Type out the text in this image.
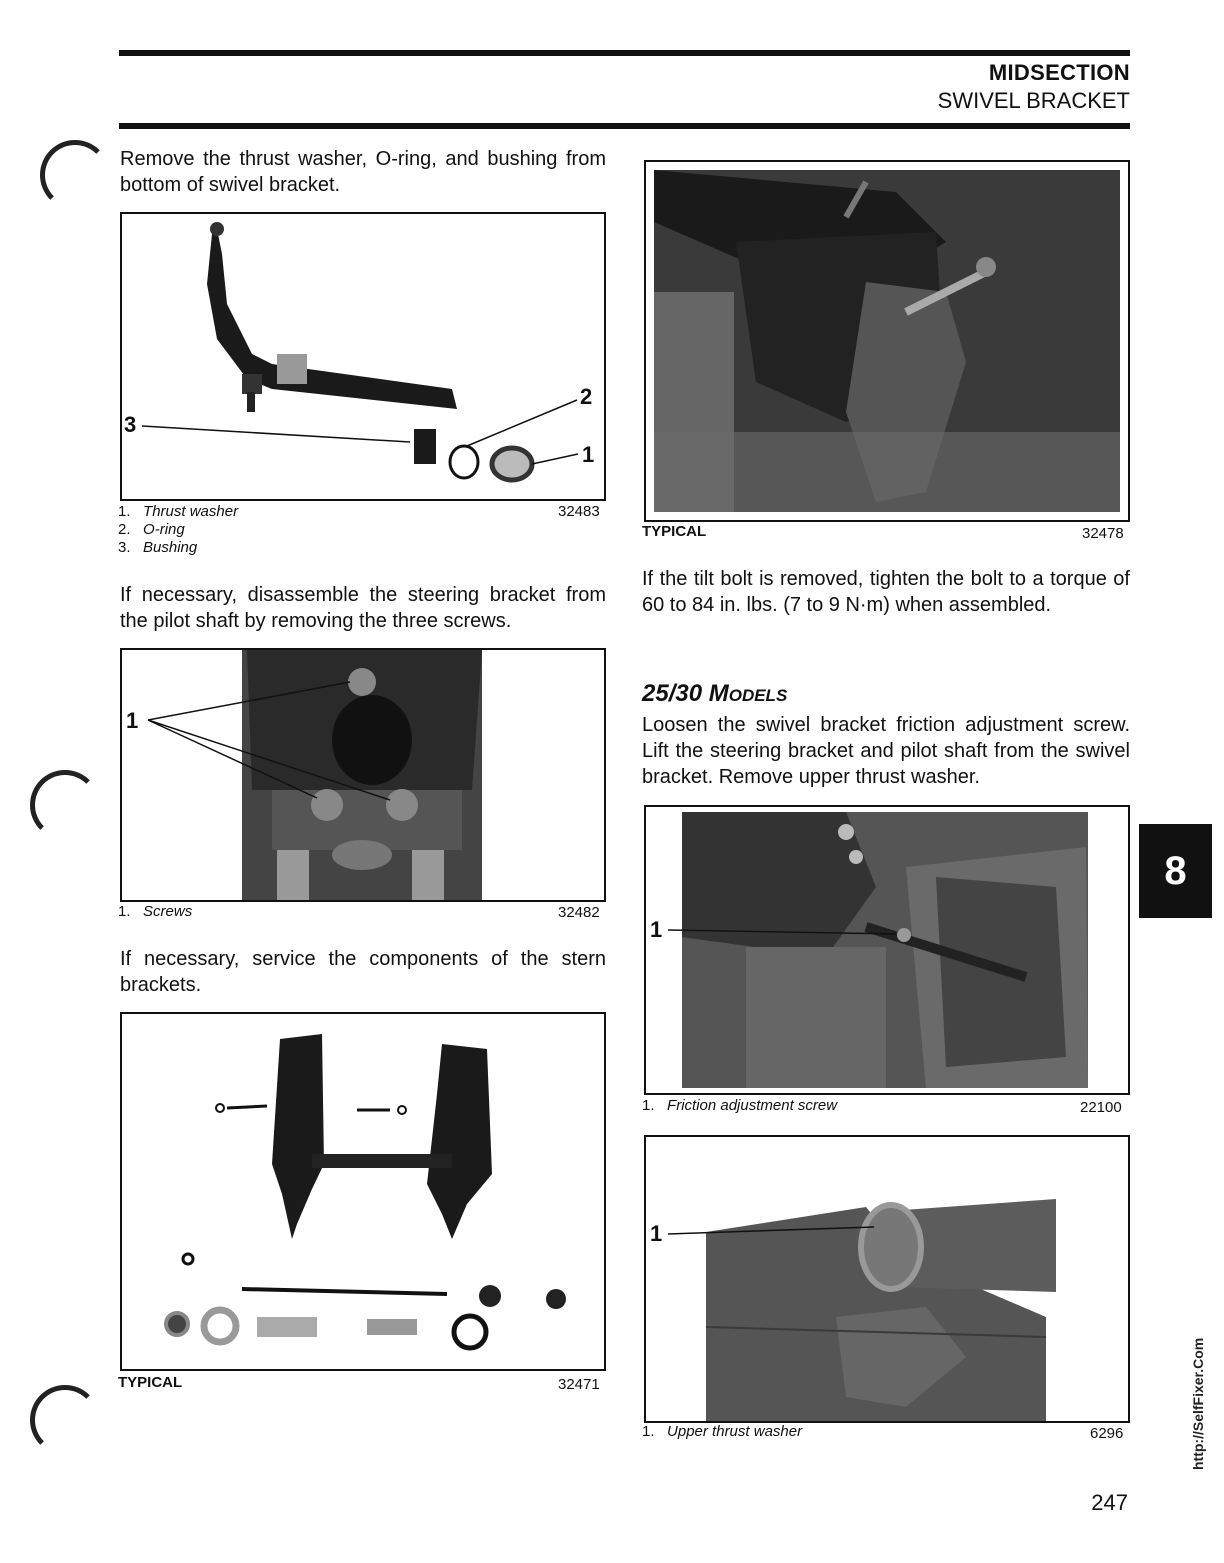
MIDSECTION
SWIVEL BRACKET
Remove the thrust washer, O-ring, and bushing from bottom of swivel bracket.
3
2
1
1. Thrust washer
2. O-ring
3. Bushing
32483
If necessary, disassemble the steering bracket from the pilot shaft by removing the three screws.
1
1. Screws	32482
If necessary, service the components of the stern brackets.
TYPICAL	32471
TYPICAL	32478
If the tilt bolt is removed, tighten the bolt to a torque of 60 to 84 in. lbs. (7 to 9 N·m) when assembled.
25/30 Models
Loosen the swivel bracket friction adjustment screw. Lift the steering bracket and pilot shaft from the swivel bracket. Remove upper thrust washer.
1
1. Friction adjustment screw	22100
1
1. Upper thrust washer	6296
8
http://SelfFixer.Com
247
